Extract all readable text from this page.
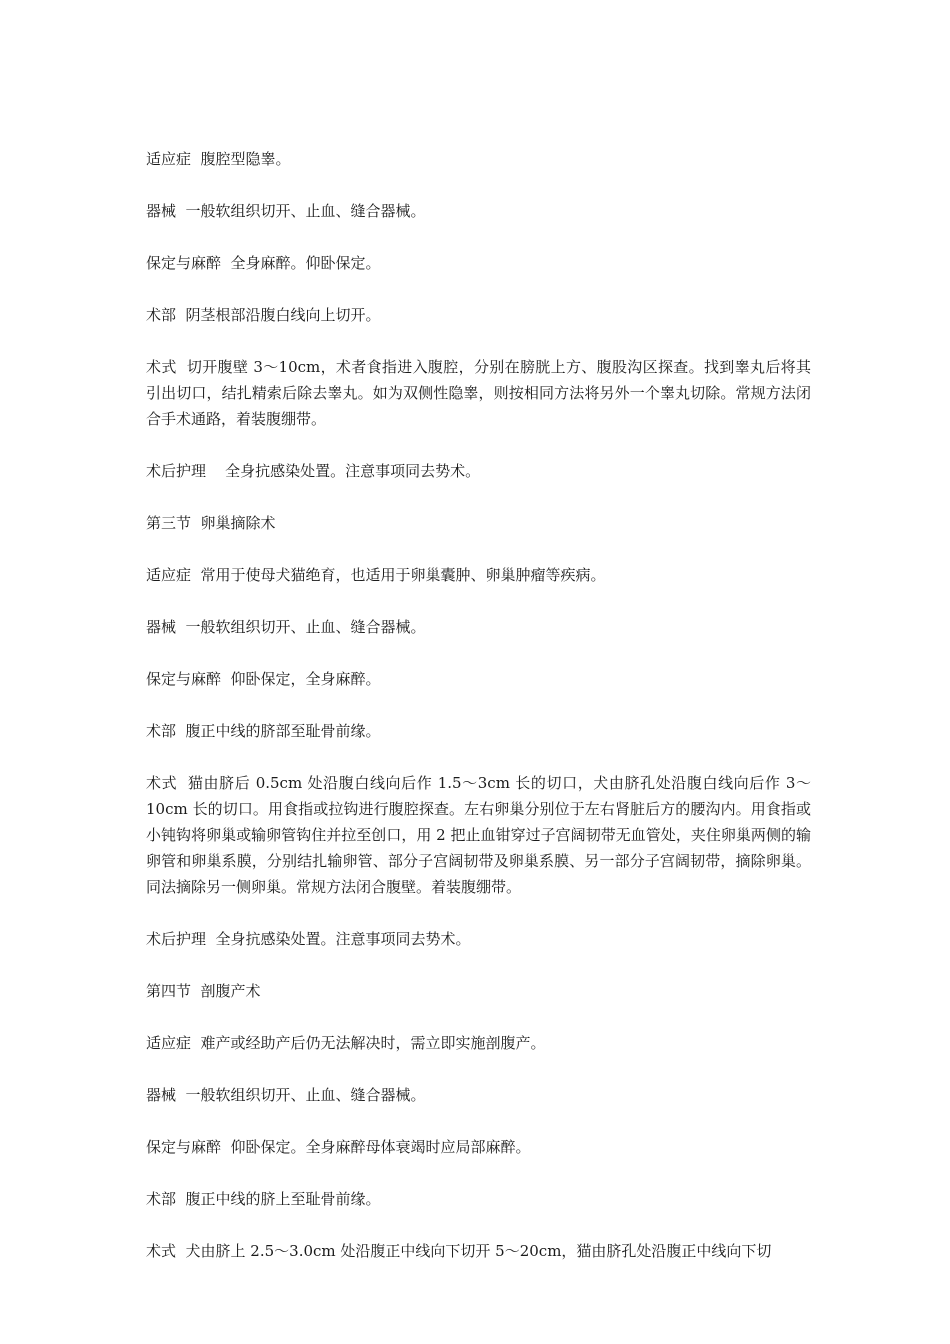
适应症  腹腔型隐睾。

器械  一般软组织切开、止血、缝合器械。

保定与麻醉  全身麻醉。仰卧保定。

术部  阴茎根部沿腹白线向上切开。

术式  切开腹壁 3～10cm，术者食指进入腹腔，分别在膀胱上方、腹股沟区探查。找到睾丸后将其引出切口，结扎精索后除去睾丸。如为双侧性隐睾，则按相同方法将另外一个睾丸切除。常规方法闭合手术通路，着装腹绷带。

术后护理    全身抗感染处置。注意事项同去势术。

第三节  卵巢摘除术

适应症  常用于使母犬猫绝育，也适用于卵巢囊肿、卵巢肿瘤等疾病。

器械  一般软组织切开、止血、缝合器械。

保定与麻醉  仰卧保定，全身麻醉。

术部  腹正中线的脐部至耻骨前缘。

术式  猫由脐后 0.5cm 处沿腹白线向后作 1.5～3cm 长的切口，犬由脐孔处沿腹白线向后作 3～10cm 长的切口。用食指或拉钩进行腹腔探查。左右卵巢分别位于左右肾脏后方的腰沟内。用食指或小钝钩将卵巢或输卵管钩住并拉至创口，用 2 把止血钳穿过子宫阔韧带无血管处，夹住卵巢两侧的输卵管和卵巢系膜，分别结扎输卵管、部分子宫阔韧带及卵巢系膜、另一部分子宫阔韧带，摘除卵巢。同法摘除另一侧卵巢。常规方法闭合腹壁。着装腹绷带。

术后护理  全身抗感染处置。注意事项同去势术。

第四节  剖腹产术

适应症  难产或经助产后仍无法解决时，需立即实施剖腹产。

器械  一般软组织切开、止血、缝合器械。

保定与麻醉  仰卧保定。全身麻醉母体衰竭时应局部麻醉。

术部  腹正中线的脐上至耻骨前缘。

术式  犬由脐上 2.5～3.0cm 处沿腹正中线向下切开 5～20cm，猫由脐孔处沿腹正中线向下切
